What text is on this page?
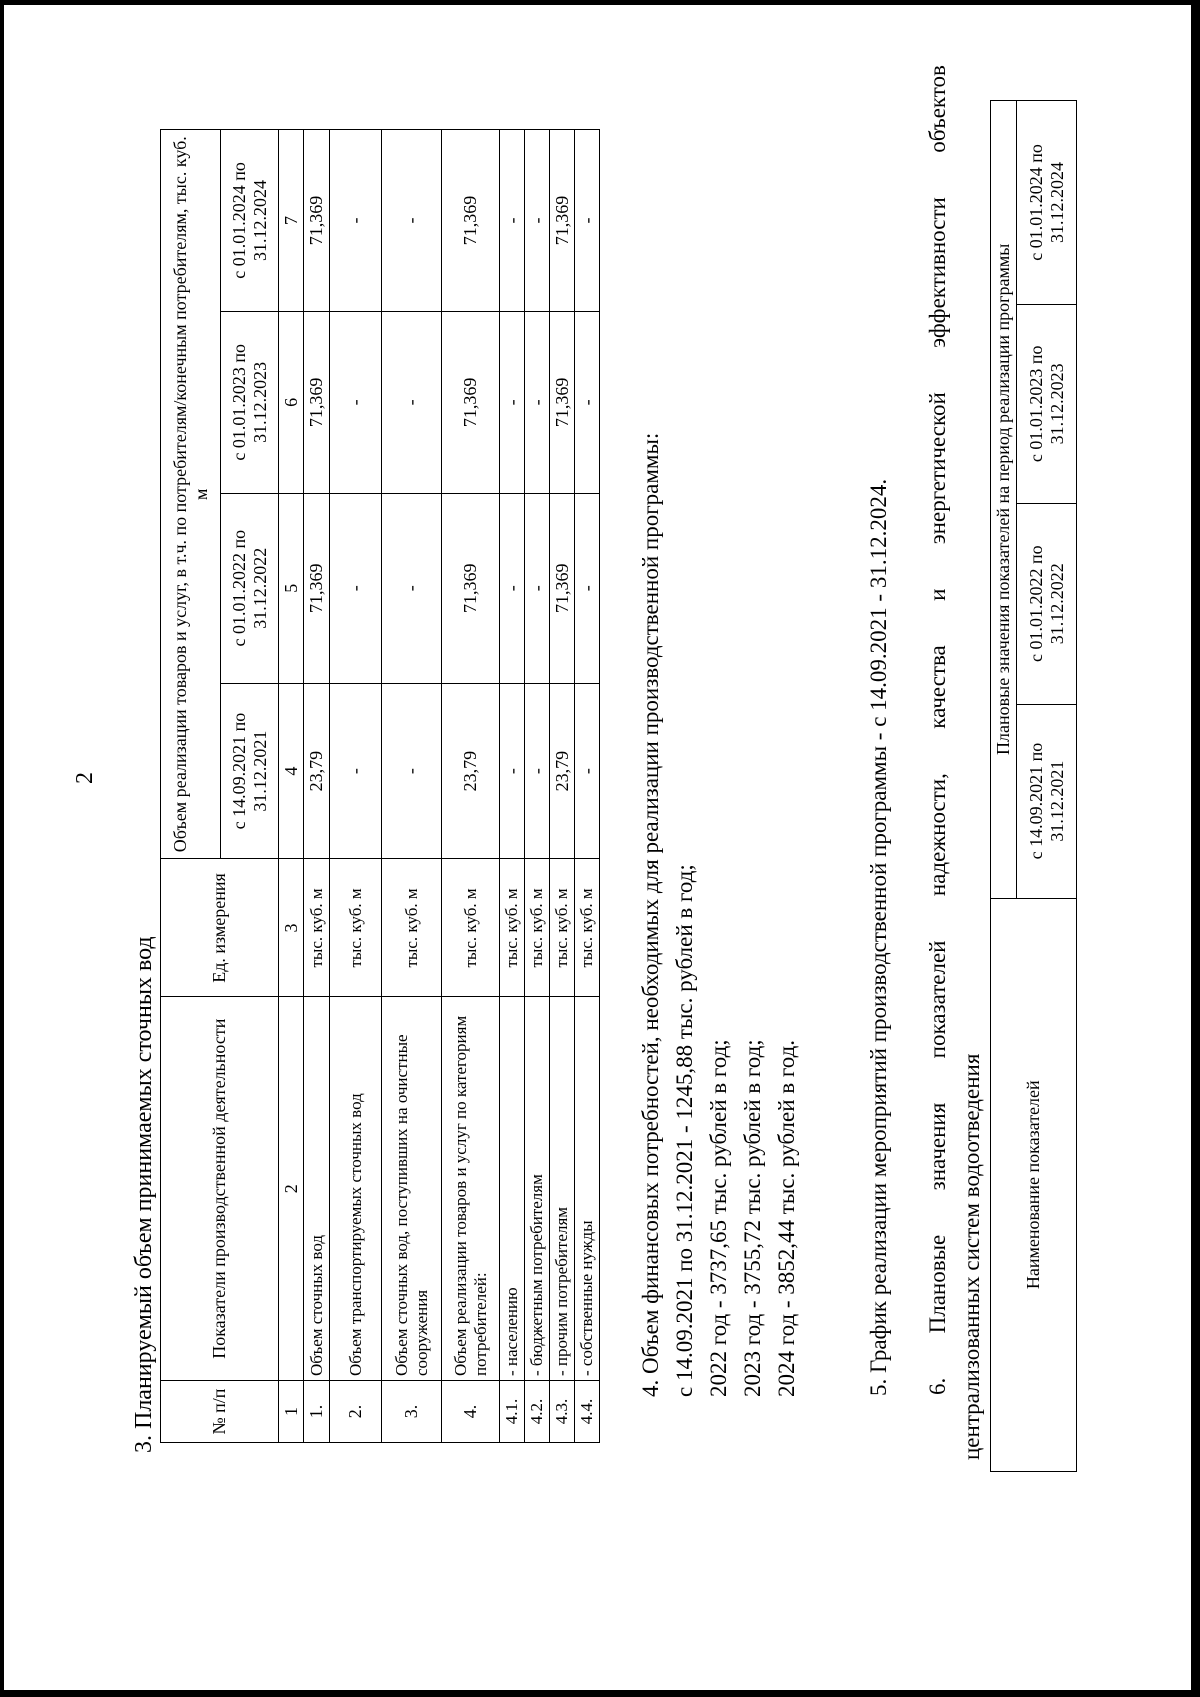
2
3. Планируемый объем принимаемых сточных вод	№ п/п	Показатели производственной деятельности	Ед. измерения	Объем реализации товаров и услуг, в т.ч. по потребителям/конечным потребителям, тыс. куб. м			
			с 14.09.2021 по 31.12.2021	с 01.01.2022 по 31.12.2022	с 01.01.2023 по 31.12.2023	с 01.01.2024 по 31.12.2024
1	2	3	4	5	6	7
1.	Объем сточных вод	тыс. куб. м	23,79	71,369	71,369	71,369
2.	Объем транспортируемых сточных вод	тыс. куб. м	-	-	-	-
3.	Объем сточных вод, поступивших на очистные сооружения	тыс. куб. м	-	-	-	-
4.	Объем реализации товаров и услуг по категориям потребителей:	тыс. куб. м	23,79	71,369	71,369	71,369
4.1.	- населению	тыс. куб. м	-	-	-	-
4.2.	- бюджетным потребителям	тыс. куб. м	-	-	-	-
4.3.	- прочим потребителям	тыс. куб. м	23,79	71,369	71,369	71,369
4.4.	- собственные нужды	тыс. куб. м	-	-	-	-
4. Объем финансовых потребностей, необходимых для реализации производственной программы: с 14.09.2021 по 31.12.2021 - 1245,88 тыс. рублей в год; 2022 год - 3737,65 тыс. рублей в год; 2023 год - 3755,72 тыс. рублей в год; 2024 год - 3852,44 тыс. рублей в год.	5. График реализации мероприятий производственной программы - с 14.09.2021 - 31.12.2024. 6.
Плановые
значения
показателей
надежности,
качества
и
энергетической
эффективности
объектов
централизованных систем водоотведения Наименование показателей	Плановые значения показателей на период реализации программы			
	с 14.09.2021 по 31.12.2021	с 01.01.2022 по 31.12.2022	с 01.01.2023 по 31.12.2023	с 01.01.2024 по 31.12.2024
